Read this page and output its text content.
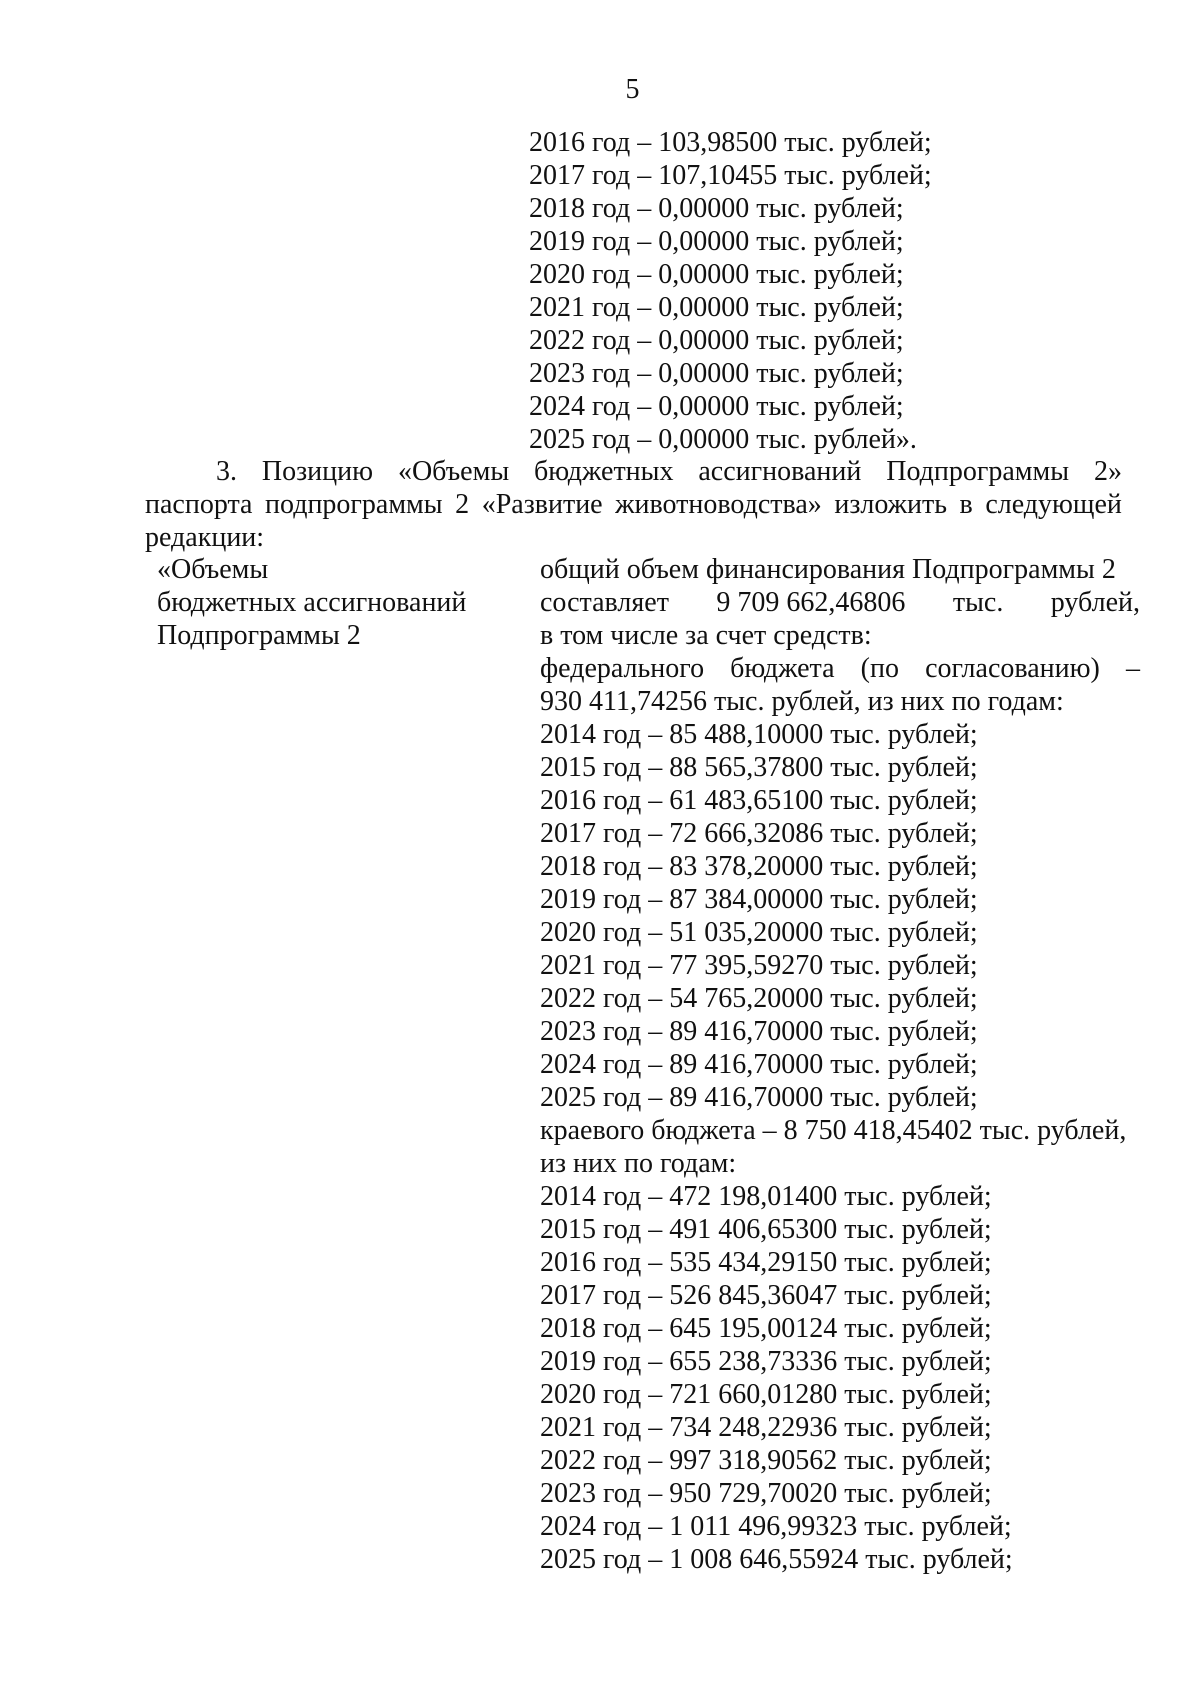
5
2016 год – 103,98500 тыс. рублей;
2017 год – 107,10455 тыс. рублей;
2018 год – 0,00000 тыс. рублей;
2019 год – 0,00000 тыс. рублей;
2020 год – 0,00000 тыс. рублей;
2021 год – 0,00000 тыс. рублей;
2022 год – 0,00000 тыс. рублей;
2023 год – 0,00000 тыс. рублей;
2024 год – 0,00000 тыс. рублей;
2025 год – 0,00000 тыс. рублей».
3. Позицию «Объемы бюджетных ассигнований Подпрограммы 2»
паспорта подпрограммы 2 «Развитие животноводства» изложить в следующей
редакции:
«Объемы
бюджетных ассигнований
Подпрограммы 2
общий объем финансирования Подпрограммы 2
составляет 9 709 662,46806 тыс. рублей,
в том числе за счет средств:
федерального бюджета (по согласованию) –
930 411,74256 тыс. рублей, из них по годам:
2014 год – 85 488,10000 тыс. рублей;
2015 год – 88 565,37800 тыс. рублей;
2016 год – 61 483,65100 тыс. рублей;
2017 год – 72 666,32086 тыс. рублей;
2018 год – 83 378,20000 тыс. рублей;
2019 год – 87 384,00000 тыс. рублей;
2020 год – 51 035,20000 тыс. рублей;
2021 год – 77 395,59270 тыс. рублей;
2022 год – 54 765,20000 тыс. рублей;
2023 год – 89 416,70000 тыс. рублей;
2024 год – 89 416,70000 тыс. рублей;
2025 год – 89 416,70000 тыс. рублей;
краевого бюджета – 8 750 418,45402 тыс. рублей,
из них по годам:
2014 год – 472 198,01400 тыс. рублей;
2015 год – 491 406,65300 тыс. рублей;
2016 год – 535 434,29150 тыс. рублей;
2017 год – 526 845,36047 тыс. рублей;
2018 год – 645 195,00124 тыс. рублей;
2019 год – 655 238,73336 тыс. рублей;
2020 год – 721 660,01280 тыс. рублей;
2021 год – 734 248,22936 тыс. рублей;
2022 год – 997 318,90562 тыс. рублей;
2023 год – 950 729,70020 тыс. рублей;
2024 год – 1 011 496,99323 тыс. рублей;
2025 год – 1 008 646,55924 тыс. рублей;
